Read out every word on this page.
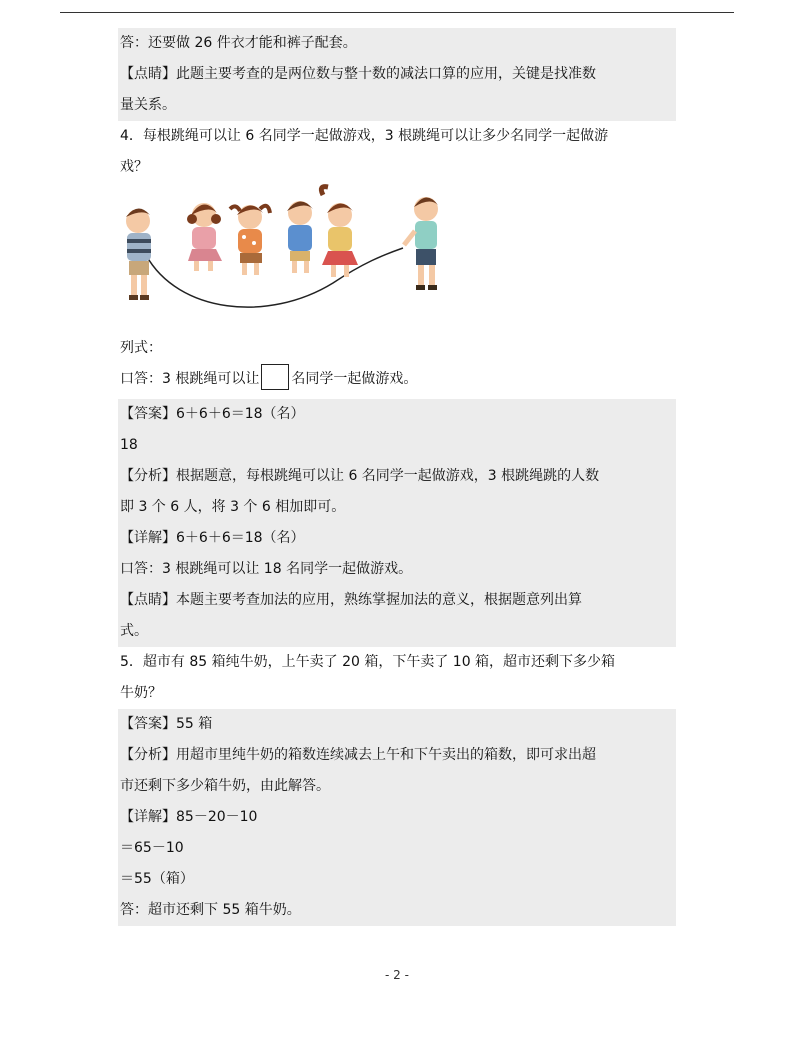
答：还要做 26 件衣才能和裤子配套。
【点睛】此题主要考查的是两位数与整十数的减法口算的应用，关键是找准数
量关系。
4．每根跳绳可以让 6 名同学一起做游戏，3 根跳绳可以让多少名同学一起做游
戏？
列式：
口答：3 根跳绳可以让 名同学一起做游戏。
【答案】6＋6＋6＝18（名）
18
【分析】根据题意，每根跳绳可以让 6 名同学一起做游戏，3 根跳绳跳的人数
即 3 个 6 人，将 3 个 6 相加即可。
【详解】6＋6＋6＝18（名）
口答：3 根跳绳可以让 18 名同学一起做游戏。
【点睛】本题主要考查加法的应用，熟练掌握加法的意义，根据题意列出算
式。
5．超市有 85 箱纯牛奶，上午卖了 20 箱，下午卖了 10 箱，超市还剩下多少箱
牛奶？
【答案】55 箱
【分析】用超市里纯牛奶的箱数连续减去上午和下午卖出的箱数，即可求出超
市还剩下多少箱牛奶，由此解答。
【详解】85－20－10
＝65－10
＝55（箱）
答：超市还剩下 55 箱牛奶。
- 2 -
